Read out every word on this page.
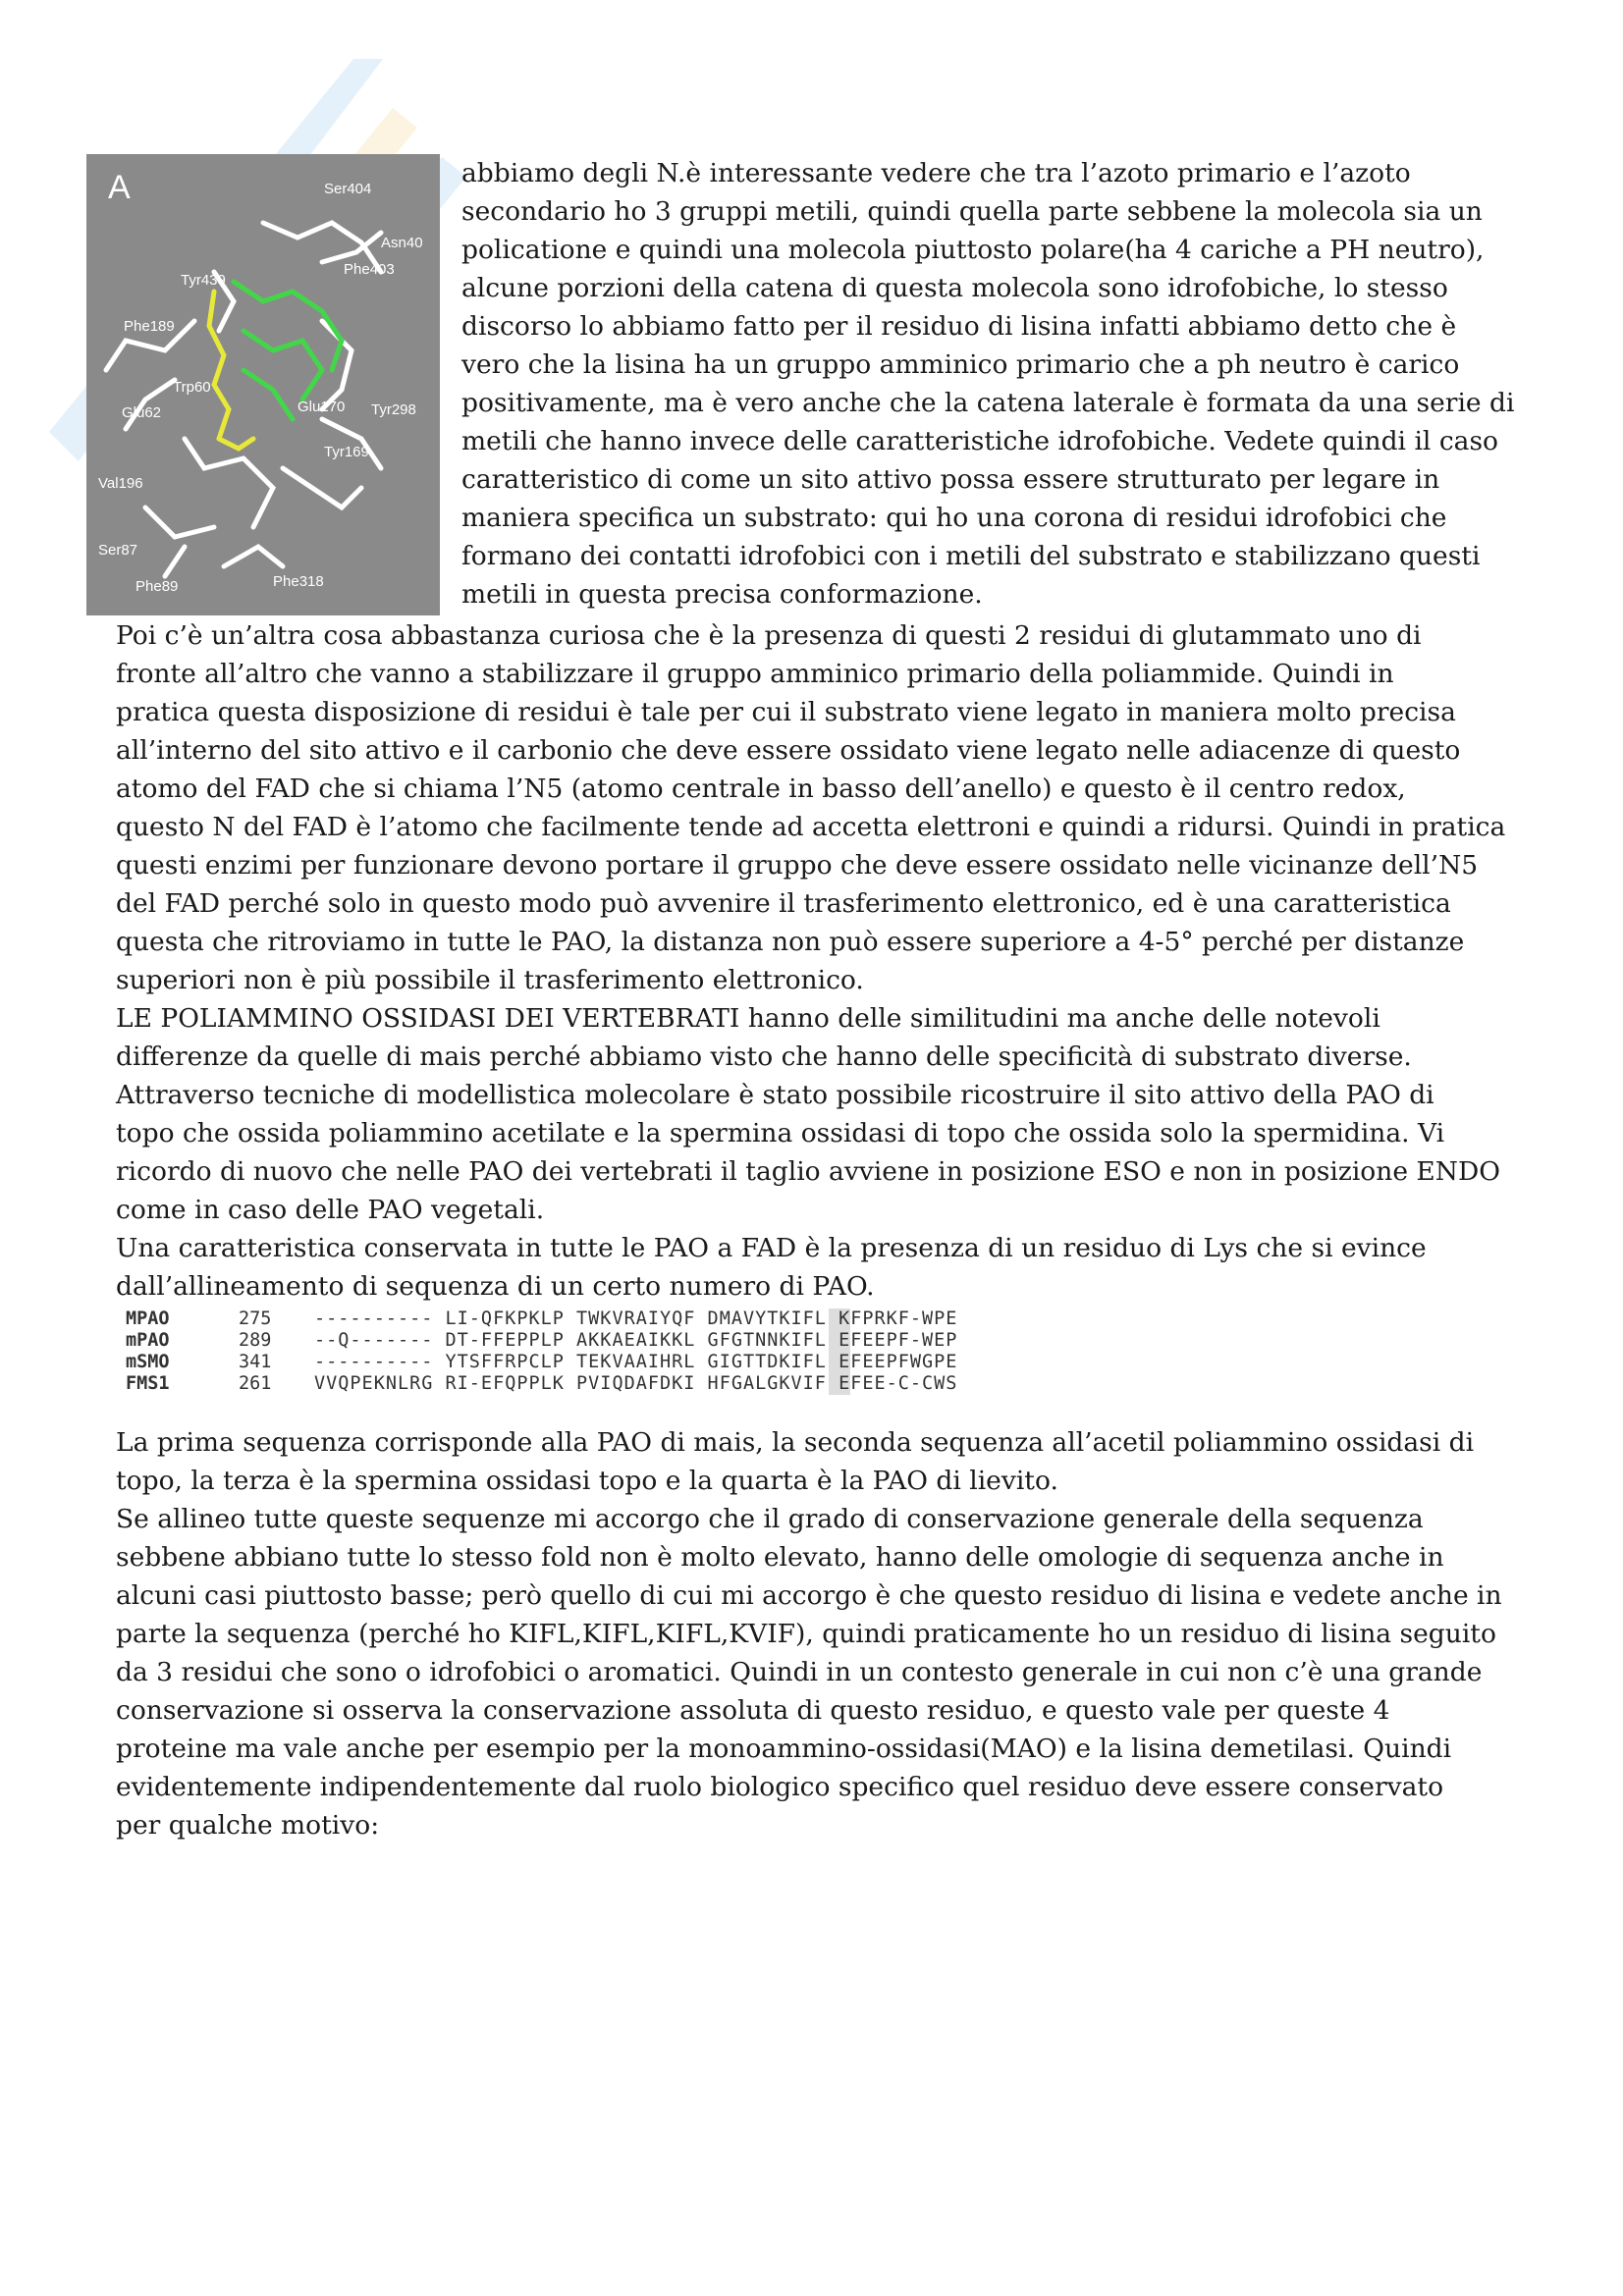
A	Ser404
Asn40
Tyr439
Phe403
Phe189
Glu62
Trp60
Glu170 Tyr298
Val196
Tyr169
Ser87
Phe89	Phe318

abbiamo degli N.è interessante vedere che tra l’azoto primario e l’azoto

secondario ho 3 gruppi metili, quindi quella parte sebbene la molecola sia un

policatione e quindi una molecola piuttosto polare(ha 4 cariche a PH neutro),

alcune porzioni della catena di questa molecola sono idrofobiche, lo stesso

discorso lo abbiamo fatto per il residuo di lisina infatti abbiamo detto che è

vero che la lisina ha un gruppo amminico primario che a ph neutro è carico

positivamente, ma è vero anche che la catena laterale è formata da una serie di

metili che hanno invece delle caratteristiche idrofobiche. Vedete quindi il caso

caratteristico di come un sito attivo possa essere strutturato per legare in

maniera specifica un substrato: qui ho una corona di residui idrofobici che

formano dei contatti idrofobici con i metili del substrato e stabilizzano questi

metili in questa precisa conformazione.

Poi c’è un’altra cosa abbastanza curiosa che è la presenza di questi 2 residui di glutammato uno di

fronte all’altro che vanno a stabilizzare il gruppo amminico primario della poliammide. Quindi in

pratica questa disposizione di residui è tale per cui il substrato viene legato in maniera molto precisa

all’interno del sito attivo e il carbonio che deve essere ossidato viene legato nelle adiacenze di questo

atomo del FAD che si chiama l’N5 (atomo centrale in basso dell’anello) e questo è il centro redox,

questo N del FAD è l’atomo che facilmente tende ad accetta elettroni e quindi a ridursi. Quindi in pratica

questi enzimi per funzionare devono portare il gruppo che deve essere ossidato nelle vicinanze dell’N5

del FAD perché solo in questo modo può avvenire il trasferimento elettronico, ed è una caratteristica

questa che ritroviamo in tutte le PAO, la distanza non può essere superiore a 4-5° perché per distanze

superiori non è più possibile il trasferimento elettronico.

LE POLIAMMINO OSSIDASI DEI VERTEBRATI hanno delle similitudini ma anche delle notevoli

differenze da quelle di mais perché abbiamo visto che hanno delle specificità di substrato diverse.

Attraverso tecniche di modellistica molecolare è stato possibile ricostruire il sito attivo della PAO di

topo che ossida poliammino acetilate e la spermina ossidasi di topo che ossida solo la spermidina. Vi

ricordo di nuovo che nelle PAO dei vertebrati il taglio avviene in posizione ESO e non in posizione ENDO

come in caso delle PAO vegetali.

Una caratteristica conservata in tutte le PAO a FAD è la presenza di un residuo di Lys che si evince

dall’allineamento di sequenza di un certo numero di PAO.

MPAO	275 ---------- LI-QFKPKLP TWKVRAIYQF DMAVYTKIFL KFPRKF-WPE
mPAO	289 --Q------- DT-FFEPPLP AKKAEAIKKL GFGTNNKIFL EFEEPF-WEP
mSMO	341 ---------- YTSFFRPCLP TEKVAAIHRL GIGTTDKIFL EFEEPFWGPE
FMS1	261 VVQPEKNLRG RI-EFQPPLK PVIQDAFDKI HFGALGKVIF EFEE-C-CWS

La prima sequenza corrisponde alla PAO di mais, la seconda sequenza all’acetil poliammino ossidasi di

topo, la terza è la spermina ossidasi topo e la quarta è la PAO di lievito.

Se allineo tutte queste sequenze mi accorgo che il grado di conservazione generale della sequenza

sebbene abbiano tutte lo stesso fold non è molto elevato, hanno delle omologie di sequenza anche in

alcuni casi piuttosto basse; però quello di cui mi accorgo è che questo residuo di lisina e vedete anche in

parte la sequenza (perché ho KIFL,KIFL,KIFL,KVIF), quindi praticamente ho un residuo di lisina seguito

da 3 residui che sono o idrofobici o aromatici. Quindi in un contesto generale in cui non c’è una grande

conservazione si osserva la conservazione assoluta di questo residuo, e questo vale per queste 4

proteine ma vale anche per esempio per la monoammino-ossidasi(MAO) e la lisina demetilasi. Quindi

evidentemente indipendentemente dal ruolo biologico specifico quel residuo deve essere conservato

per qualche motivo:
